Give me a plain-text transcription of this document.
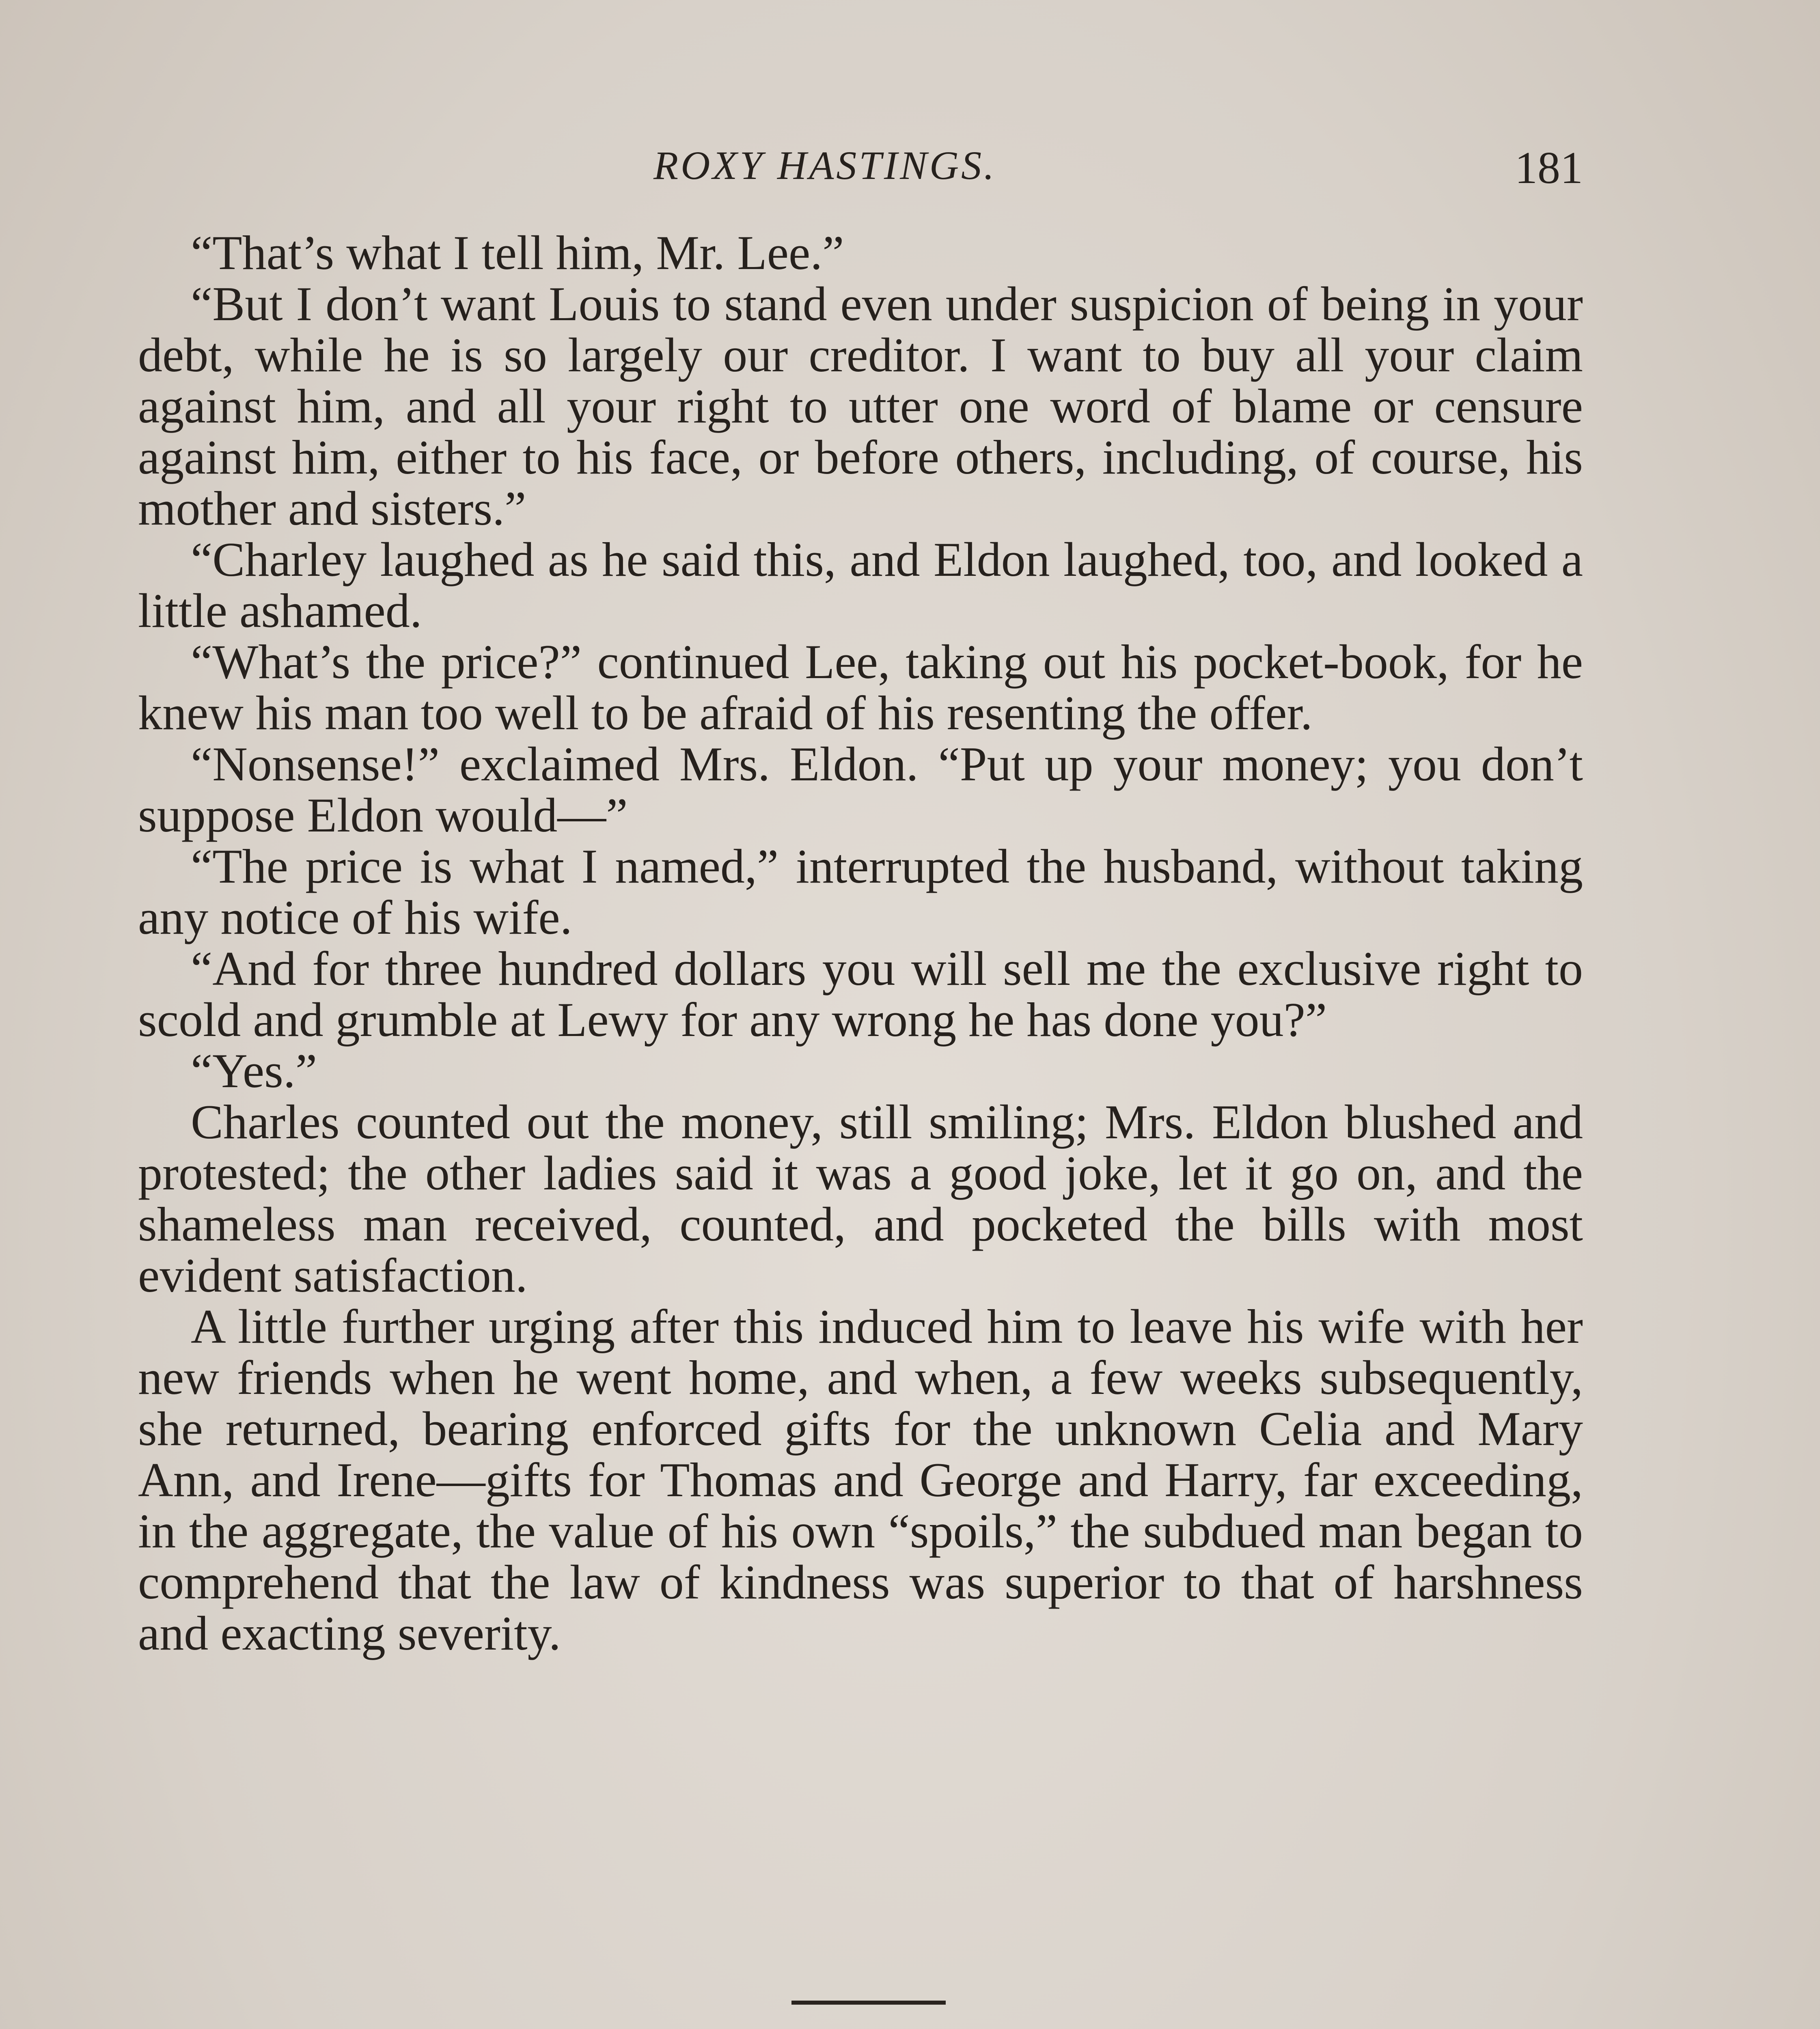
ROXY HASTINGS.	181

“That’s what I tell him, Mr. Lee.”

“But I don’t want Louis to stand even under suspicion of being in your debt, while he is so largely our creditor. I want to buy all your claim against him, and all your right to utter one word of blame or censure against him, either to his face, or before others, including, of course, his mother and sisters.”

“Charley laughed as he said this, and Eldon laughed, too, and looked a little ashamed.

“What’s the price?” continued Lee, taking out his pocket-book, for he knew his man too well to be afraid of his resenting the offer.

“Nonsense!” exclaimed Mrs. Eldon. “Put up your money; you don’t suppose Eldon would—”

“The price is what I named,” interrupted the husband, without taking any notice of his wife.

“And for three hundred dollars you will sell me the exclusive right to scold and grumble at Lewy for any wrong he has done you?”

“Yes.”

Charles counted out the money, still smiling; Mrs. Eldon blushed and protested; the other ladies said it was a good joke, let it go on, and the shameless man received, counted, and pocketed the bills with most evident satisfaction.

A little further urging after this induced him to leave his wife with her new friends when he went home, and when, a few weeks subsequently, she returned, bearing enforced gifts for the unknown Celia and Mary Ann, and Irene—gifts for Thomas and George and Harry, far exceeding, in the aggregate, the value of his own “spoils,” the subdued man began to comprehend that the law of kindness was superior to that of harshness and exacting severity.
